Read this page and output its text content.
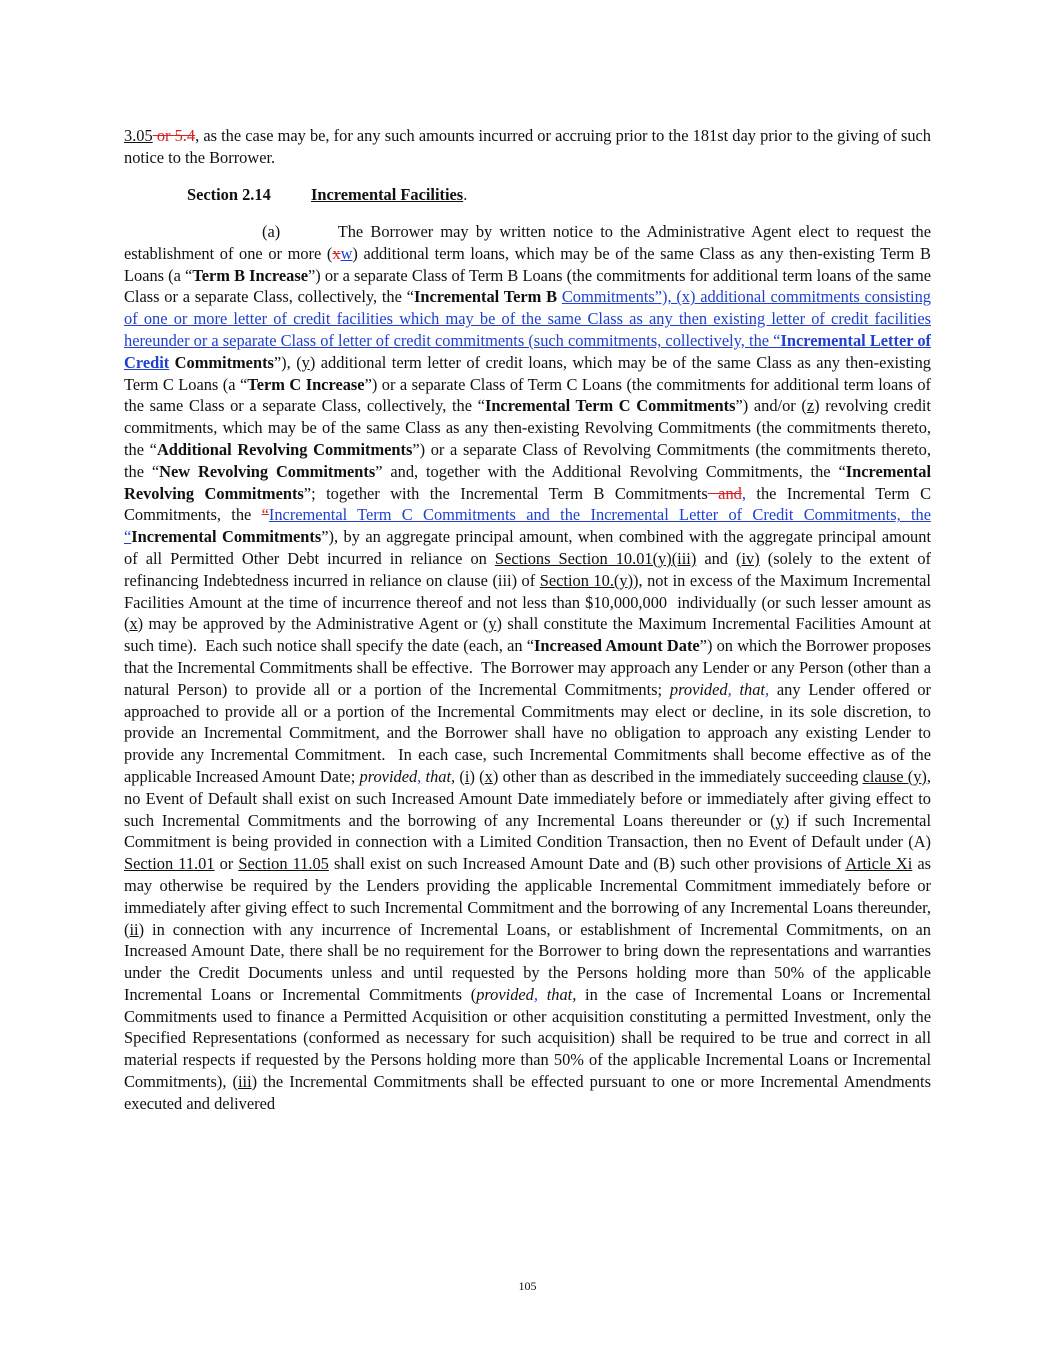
3.05 or 5.4, as the case may be, for any such amounts incurred or accruing prior to the 181st day prior to the giving of such notice to the Borrower.
Section 2.14 Incremental Facilities.
(a)        The Borrower may by written notice to the Administrative Agent elect to request the establishment of one or more (xw) additional term loans, which may be of the same Class as any then-existing Term B Loans (a “Term B Increase”) or a separate Class of Term B Loans (the commitments for additional term loans of the same Class or a separate Class, collectively, the “Incremental Term B Commitments”), (x) additional commitments consisting of one or more letter of credit facilities which may be of the same Class as any then existing letter of credit facilities hereunder or a separate Class of letter of credit commitments (such commitments, collectively, the “Incremental Letter of Credit Commitments”), (y) additional term letter of credit loans, which may be of the same Class as any then-existing Term C Loans (a “Term C Increase”) or a separate Class of Term C Loans (the commitments for additional term loans of the same Class or a separate Class, collectively, the “Incremental Term C Commitments”) and/or (z) revolving credit commitments, which may be of the same Class as any then-existing Revolving Commitments (the commitments thereto, the “Additional Revolving Commitments”) or a separate Class of Revolving Commitments (the commitments thereto, the “New Revolving Commitments” and, together with the Additional Revolving Commitments, the “Incremental Revolving Commitments”; together with the Incremental Term B Commitments and, the Incremental Term C Commitments, the “Incremental Term C Commitments and the Incremental Letter of Credit Commitments, the “Incremental Commitments”), by an aggregate principal amount, when combined with the aggregate principal amount of all Permitted Other Debt incurred in reliance on Sections Section 10.01(y)(iii) and (iv) (solely to the extent of refinancing Indebtedness incurred in reliance on clause (iii) of Section 10.(y)), not in excess of the Maximum Incremental Facilities Amount at the time of incurrence thereof and not less than $10,000,000  individually (or such lesser amount as (x) may be approved by the Administrative Agent or (y) shall constitute the Maximum Incremental Facilities Amount at such time).  Each such notice shall specify the date (each, an “Increased Amount Date”) on which the Borrower proposes that the Incremental Commitments shall be effective.  The Borrower may approach any Lender or any Person (other than a natural Person) to provide all or a portion of the Incremental Commitments; provided, that, any Lender offered or approached to provide all or a portion of the Incremental Commitments may elect or decline, in its sole discretion, to provide an Incremental Commitment, and the Borrower shall have no obligation to approach any existing Lender to provide any Incremental Commitment.  In each case, such Incremental Commitments shall become effective as of the applicable Increased Amount Date; provided, that, (i) (x) other than as described in the immediately succeeding clause (y), no Event of Default shall exist on such Increased Amount Date immediately before or immediately after giving effect to such Incremental Commitments and the borrowing of any Incremental Loans thereunder or (y) if such Incremental Commitment is being provided in connection with a Limited Condition Transaction, then no Event of Default under (A) Section 11.01 or Section 11.05 shall exist on such Increased Amount Date and (B) such other provisions of Article Xi as may otherwise be required by the Lenders providing the applicable Incremental Commitment immediately before or immediately after giving effect to such Incremental Commitment and the borrowing of any Incremental Loans thereunder, (ii) in connection with any incurrence of Incremental Loans, or establishment of Incremental Commitments, on an Increased Amount Date, there shall be no requirement for the Borrower to bring down the representations and warranties under the Credit Documents unless and until requested by the Persons holding more than 50% of the applicable Incremental Loans or Incremental Commitments (provided, that, in the case of Incremental Loans or Incremental Commitments used to finance a Permitted Acquisition or other acquisition constituting a permitted Investment, only the Specified Representations (conformed as necessary for such acquisition) shall be required to be true and correct in all material respects if requested by the Persons holding more than 50% of the applicable Incremental Loans or Incremental Commitments), (iii) the Incremental Commitments shall be effected pursuant to one or more Incremental Amendments executed and delivered
105
